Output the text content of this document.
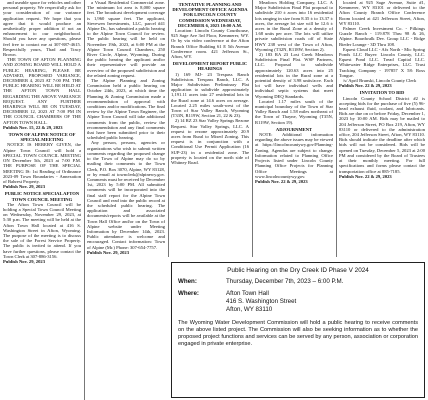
and useable space for vehicles and other personal property. We respectfully ask for your consideration of our variance application request. We hope that you agree that it would produce an aesthetically proper addition if not an enhancement to our neighborhood. Should you have any questions, please feel free to contact me at 307-887-4615. Respectfully yours, Thad and Tracy Brown.

THE TOWN OF AFTON PLANNING AND ZONING BOARD WILL HOLD A PUBLIC HEARING, PLEASE BE ADVISED, PROPOSED VARIANCE, DECEMBER 4, 2023 AT 7:00 PM. THE PUBLIC HEARING WILL BE HELD AT THE AFTON TOWN HALL REGARDING THE ABOVE VARIANCE REQUEST. ANY FURTHER HEARINGS WILL BE ON TUESDAY, DECEMBER 12, 2023 AT 7:00 PM IN THE COUNCIL CHAMBERS OF THE AFTON TOWN HALL.

Publish Nov. 15, 22 & 29, 2023

TOWN OF ALPINE NOTICE OF SPECIAL MEETING

NOTICE IS HEREBY GIVEN, the Alpine Town Council will hold a SPECIAL TOWN COUNCIL MEETING ON December 5th, 2023 at 7:00 P.M. THE PURPOSE OF THE SPECIAL MEETING IS: 1st Reading of Ordinance 2023-09 Town Boundaries - Annexation of Bahrest Property.

Publish Nov. 29, 2023

PUBLIC NOTICE SPECIAL AFTON TOWN COUNCIL MEETING

The Afton Town Council will be holding a Special Town Council Meeting on Wednesday, November 29, 2023, at 5:30 p.m. The meeting will be held at the Afton Town Hall located at 416 S. Washington Street in Afton, Wyoming. The purpose of the meeting is to discuss the sale of the Forest Service Property. The public is invited to attend. If you have further questions, please contact the Town Clerk at 307-886-3156.

Publish Nov. 29, 2023

a Visual Residential Commercial zone. The minimum lot area is 8,000 square feet. The broadcast development coverage is 1,960 square feet. The applicant, Sievewen Investments, LLC, parcel #41 Alpine Dr., has submitted a public hearing to the Alpine Town Council for review. The public hearing will be held on November 19th, 2023, at 6:00 PM at the Alpine Town Council Chambers, 250 River Circle, Alpine, Wyoming. During the public hearing the applicant and/or their representative will provide an overview of the proposed subdivision and the related zoning request.

The Alpine Planning and Zoning Commission held a public hearing on October 24th, 2023, at which time the Planning & Zoning Commission made a recommendation of approval with conditions and/or modifications. The final review by the Alpine Town Engineer, the Alpine Town Council will take additional comments from the public, review the recommendation and any final comments that have been submitted prior to their scheduled public hearing.

Any person, persons, agencies or organizations who wish to submit written comments regarding the proposed change to the Town of Alpine may do so by mailing their comments to the Town Clerk, P.O. Box 3070, Alpine, WY 83128, or by email at townclerk@alpinewy.gov. Comments must be received by December 1st, 2023 by 5:00 PM. All submitted comments will be incorporated into the final staff report for the Alpine Town Council and read into the public record at the scheduled public hearing. The application and associated documents/reports will be available at the Town Hall Office and/or on the Town of Alpine website under Meeting Information by December 14th, 2023. Public attendance is welcome and encouraged. Contact information: Town of Alpine (Mr.) Phone: 307-654-7757.

Publish Nov. 29, 2023

TENTATIVE PLANNING AND DEVELOPMENT OFFICE AGENDA FOR LINCOLN COUNTY COMMISSION WEDNESDAY, DECEMBER 6, 2023 10:00 A.M.

Location: Lincoln County Courthouse, 925 Sage Ave 3rd Floor, Kemmerer, WY. Or by via video conference at the Afton Branch Office Building 61 E 5th Avenue Conference room. 421 Jefferson St., Afton, WY.

DEVELOPMENT REPORT PUBLIC HEARINGS

1) 169 MJ- 23 Trespass Ranch Subdivision. Trespass Ranch, LLC. A Major Subdivision Preliminary Plat application to subdivide approximately 1,191.11 acres into 27 residential lots in the Rural zone at 14.6 acres on average. Located 2.25 miles south-west of the Town of Star Valley Ranch, Wyoming (T33N, R119W, Section 21, 22 & 23).

2) 14 RZ 23 Star Valley Springs Rezone Request. Star Valley Springs, LLC. A request to rezone approximately 20.9 acres from Rural to Mixed Zoning. This request is in conjunction with a Conditional Use Permit Application (16 SUP-23) in a residential zone. The property is located on the north side of Whitney Road.

Meadows Holding Company, LLC. A Major Subdivision Final Plat proposal to subdivide 210 ± acres into 16 residential lots ranging in size from 8.35 ± to 13.37 ± acres, the average lot size will be 12.6 ± acres in the Rural Zone at a density of 1.68 units per acre. The lots will utilize private subdivision roads off of State HWY 238 west of the Town of Afton, Wyoming (T32N, R118W, Section 2).

2) 183 RA 23 Lost Creek Meadows Subdivision Final Plat. WSP Partners, LLC. Proposal to subdivide approximately 120.63 acres into 25 residential lots in the Rural zone at a potential density of 3.98 units/acre. Each lot will have individual wells and individual septic systems that meet Wyoming DEQ Standards.

Located 1.17 miles south of the municipal boundary of the Town of Star Valley Ranch and 1.58 miles northeast of the Town of Thayne, Wyoming (T35N, R119W, Section 19).

ADJOURNMENT

NOTE: Additional information regarding the above issues may be viewed at https://lincolncountywy.gov/Planning-Zoning. Agendas are subject to change. Information related to Planning Office Projects listed under Lincoln County Planning Office Projects for Planning Office Meetings at www.lincolncountywy.gov.

Publish Nov. 22 & 29, 2023

located at 925 Sage Avenue, Suite #1, Kemmerer, WY 83101 or delivered to the Afton County Branch Office Conference Room located at 421 Jefferson Street, Afton, WY 83110.

Palmer Creek Investment Co. - Pilkings Guzzle Ranch - 119.878 Thru 98 & 26, Alpine. Boardwalk Dev. Group LLC - Ridge Bieder Lounge - 3D Thru 108.

Equest Cloud LLC - Afx North - Mic Spring Ponds LLC Buyer: Lincoln County, LLC. Equest Pond LLC. Tread Capital LLC. Whitewater Ridge Enterprises, LLC. Trust Tracking Company - 197857 X 58: Ross Tongue.

/s/ April Brunski, Lincoln County Clerk

Publish Nov. 22 & 29, 2023

INVITATION TO BID

Lincoln County School District #2 is accepting bids for the purchase of five (5) 96-head exhaust fluid, coolant, and lubricants. Bids are due on or before Friday, December 1, 2023 by 10:00 AM. Bids may be mailed to 204 Jefferson Street, PO Box 219, Afton, WY 83110 or delivered to the administration office, 204 Jefferson Street, Afton, WY 83110. Bids should indicate the deadline after which bids will not be considered. Bids will be opened on Tuesday, December 5, 2023 at 2:00 PM and considered by the Board of Trustees at their monthly meeting. For full specifications and forms please contact the transportation office at 885-7185.

Publish Nov. 22 & 29, 2023

Public Hearing on the Dry Creek ID Phase V 2024

When:	Thursday, December 7th, 2023 – 6:00 P.M.
Where:	Afton Town Hall
416 S. Washington Street
Afton, WY 83110

The Wyoming Water Development Commission will hold a public hearing to receive comments on the above listed project. The Commission will also be seeking information as to whether the proposed project functions and services can be served by any person, association or corporation engaged in private enterprise.
